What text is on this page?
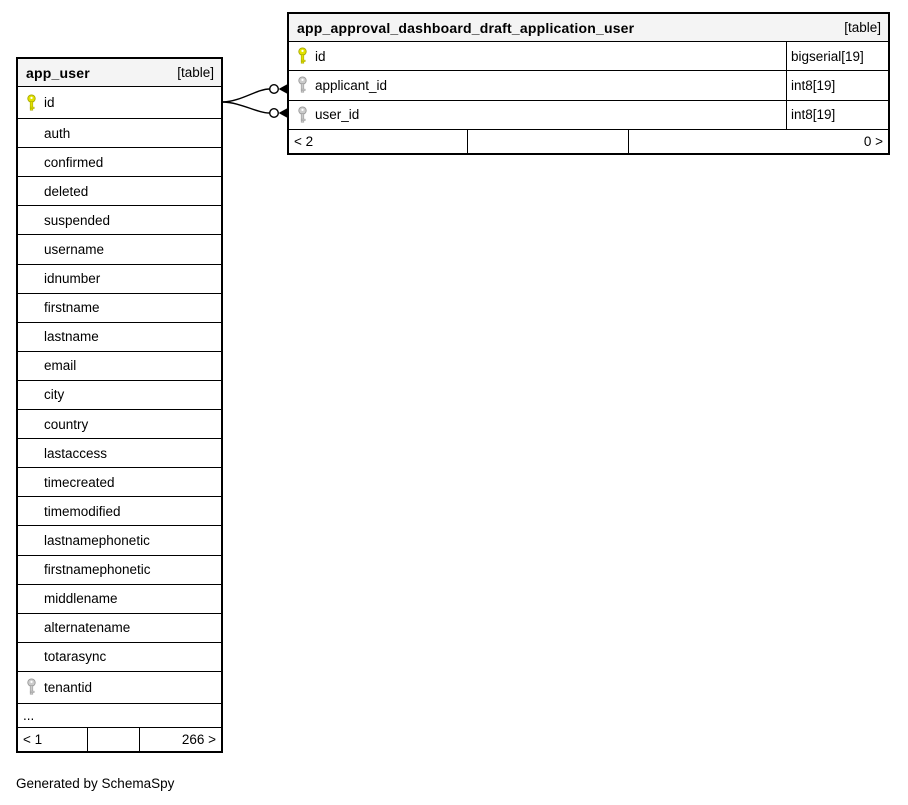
app_user	[table]
id
auth
confirmed
deleted
suspended
username
idnumber
firstname
lastname
email
city
country
lastaccess
timecreated
timemodified
lastnamephonetic
firstnamephonetic
middlename
alternatename
totarasync
tenantid
...
< 1	266 >
app_approval_dashboard_draft_application_user	[table]
id	bigserial[19]
applicant_id	int8[19]
user_id	int8[19]
< 2	0 >
Generated by SchemaSpy
